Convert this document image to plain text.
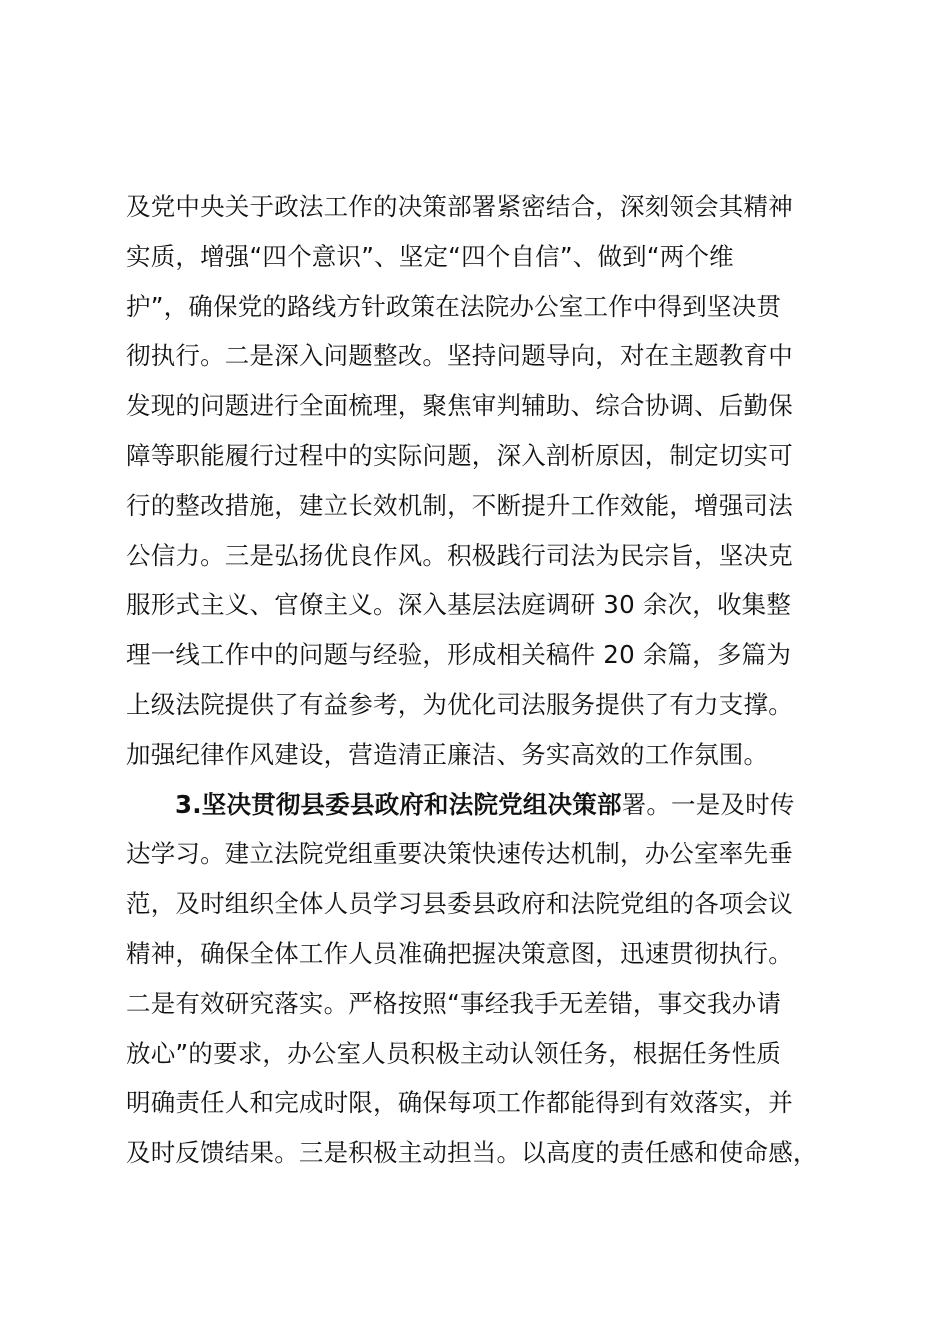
及党中央关于政法工作的决策部署紧密结合，深刻领会其精神
实质，增强“四个意识”、坚定“四个自信”、做到“两个维
护”，确保党的路线方针政策在法院办公室工作中得到坚决贯
彻执行。二是深入问题整改。坚持问题导向，对在主题教育中
发现的问题进行全面梳理，聚焦审判辅助、综合协调、后勤保
障等职能履行过程中的实际问题，深入剖析原因，制定切实可
行的整改措施，建立长效机制，不断提升工作效能，增强司法
公信力。三是弘扬优良作风。积极践行司法为民宗旨，坚决克
服形式主义、官僚主义。深入基层法庭调研 30 余次，收集整
理一线工作中的问题与经验，形成相关稿件 20 余篇，多篇为
上级法院提供了有益参考，为优化司法服务提供了有力支撑。
加强纪律作风建设，营造清正廉洁、务实高效的工作氛围。
3.坚决贯彻县委县政府和法院党组决策部署。一是及时传
达学习。建立法院党组重要决策快速传达机制，办公室率先垂
范，及时组织全体人员学习县委县政府和法院党组的各项会议
精神，确保全体工作人员准确把握决策意图，迅速贯彻执行。
二是有效研究落实。严格按照“事经我手无差错，事交我办请
放心”的要求，办公室人员积极主动认领任务，根据任务性质
明确责任人和完成时限，确保每项工作都能得到有效落实，并
及时反馈结果。三是积极主动担当。以高度的责任感和使命感，
